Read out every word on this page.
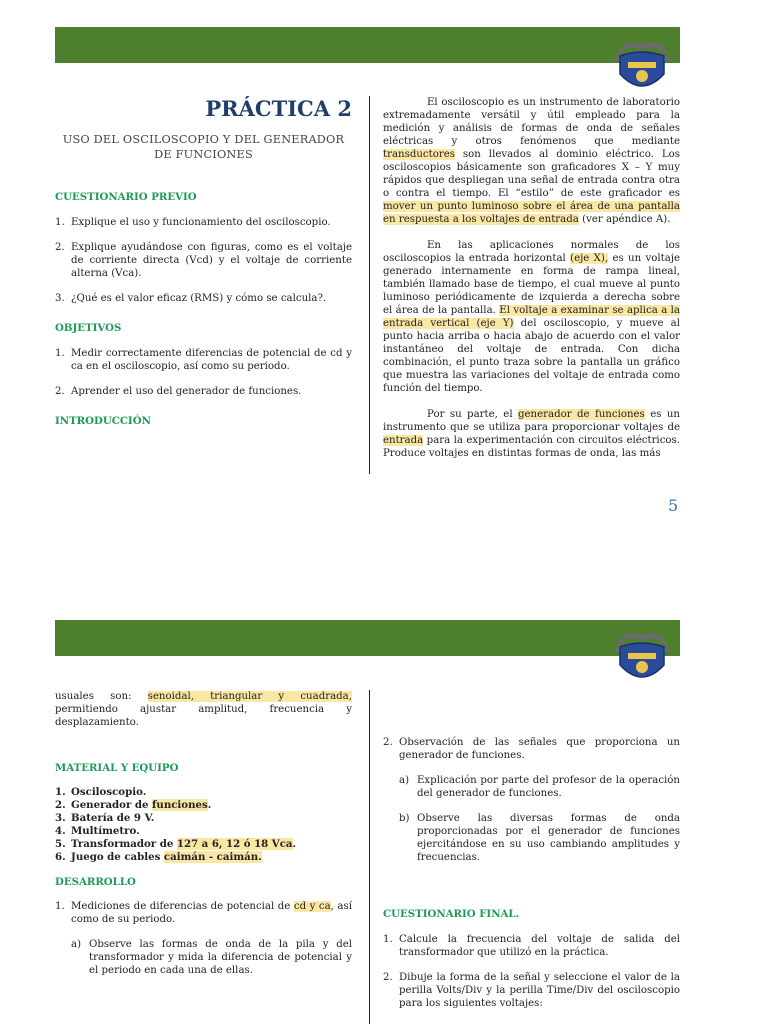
PRÁCTICA 2
USO DEL OSCILOSCOPIO Y DEL GENERADOR DE FUNCIONES
CUESTIONARIO PREVIO
1. Explique el uso y funcionamiento del osciloscopio.
2. Explique ayudándose con figuras, como es el voltaje de corriente directa (Vcd) y el voltaje de corriente alterna (Vca).
3. ¿Qué es el valor eficaz (RMS) y cómo se calcula?.
OBJETIVOS
1. Medir correctamente diferencias de potencial de cd y ca en el osciloscopio, así como su periodo.
2. Aprender el uso del generador de funciones.
INTRODUCCIÓN

El osciloscopio es un instrumento de laboratorio extremadamente versátil y útil empleado para la medición y análisis de formas de onda de señales eléctricas y otros fenómenos que mediante transductores son llevados al dominio eléctrico. Los osciloscopios básicamente son graficadores X – Y muy rápidos que despliegan una señal de entrada contra otra o contra el tiempo. El “estilo” de este graficador es mover un punto luminoso sobre el área de una pantalla en respuesta a los voltajes de entrada (ver apéndice A).

En las aplicaciones normales de los osciloscopios la entrada horizontal (eje X), es un voltaje generado internamente en forma de rampa lineal, también llamado base de tiempo, el cual mueve al punto luminoso periódicamente de izquierda a derecha sobre el área de la pantalla. El voltaje a examinar se aplica a la entrada vertical (eje Y) del osciloscopio, y mueve al punto hacia arriba o hacia abajo de acuerdo con el valor instantáneo del voltaje de entrada. Con dicha combinación, el punto traza sobre la pantalla un gráfico que muestra las variaciones del voltaje de entrada como función del tiempo.

Por su parte, el generador de funciones es un instrumento que se utiliza para proporcionar voltajes de entrada para la experimentación con circuitos eléctricos. Produce voltajes en distintas formas de onda, las más

5
usuales son: senoidal, triangular y cuadrada, permitiendo ajustar amplitud, frecuencia y desplazamiento.
MATERIAL Y EQUIPO
1. Osciloscopio.
2. Generador de funciones.
3. Batería de 9 V.
4. Multímetro.
5. Transformador de 127 a 6, 12 ó 18 Vca.
6. Juego de cables caimán - caimán.
DESARROLLO
1. Mediciones de diferencias de potencial de cd y ca, así como de su periodo.
a) Observe las formas de onda de la pila y del transformador y mida la diferencia de potencial y el periodo en cada una de ellas.
2. Observación de las señales que proporciona un generador de funciones.
a) Explicación por parte del profesor de la operación del generador de funciones.
b) Observe las diversas formas de onda proporcionadas por el generador de funciones ejercitándose en su uso cambiando amplitudes y frecuencias.
CUESTIONARIO FINAL.
1. Calcule la frecuencia del voltaje de salida del transformador que utilizó en la práctica.
2. Dibuje la forma de la señal y seleccione el valor de la perilla Volts/Div y la perilla Time/Div del osciloscopio para los siguientes voltajes:
